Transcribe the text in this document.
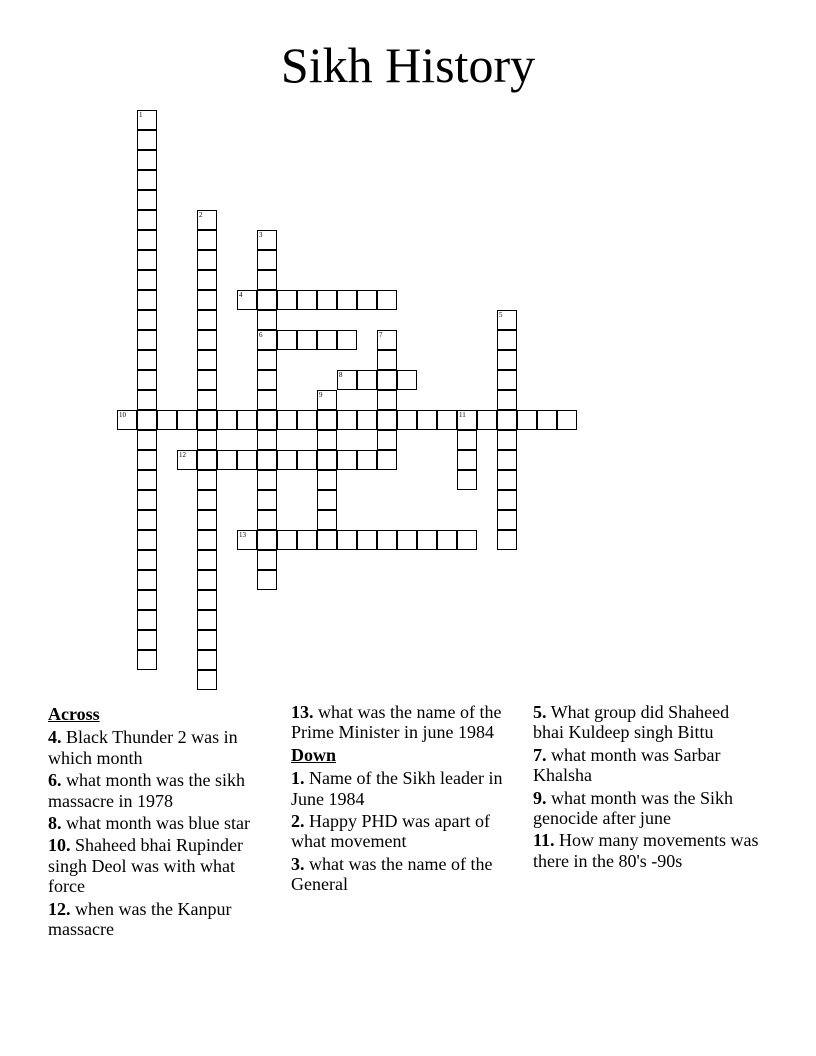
Sikh History
1
2
3
6
4
5
7
8
9
10	11
12
13
Across
4. Black Thunder 2 was in which month
6. what month was the sikh massacre in 1978
8. what month was blue star
10. Shaheed bhai Rupinder singh Deol was with what force
12. when was the Kanpur massacre
13. what was the name of the Prime Minister in june 1984
Down
1. Name of the Sikh leader in June 1984
2. Happy PHD was apart of what movement
3. what was the name of the General
5. What group did Shaheed bhai Kuldeep singh Bittu
7. what month was Sarbar Khalsha
9. what month was the Sikh genocide after june
11. How many movements was there in the 80's -90s
